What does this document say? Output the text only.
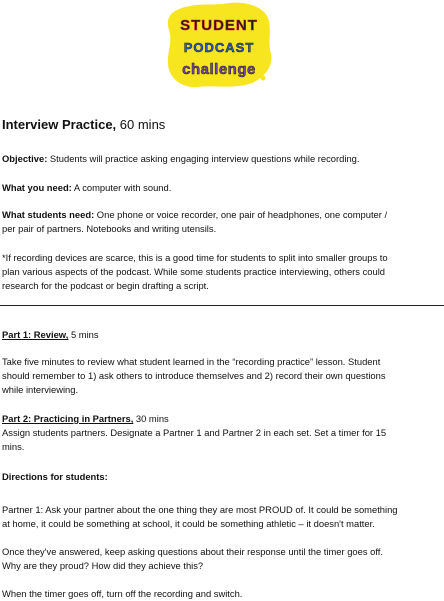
STUDENT
PODCAST
challenge

Interview Practice, 60 mins

Objective: Students will practice asking engaging interview questions while recording.

What you need: A computer with sound.

What students need: One phone or voice recorder, one pair of headphones, one computer /

per pair of partners. Notebooks and writing utensils.

*If recording devices are scarce, this is a good time for students to split into smaller groups to

plan various aspects of the podcast. While some students practice interviewing, others could

research for the podcast or begin drafting a script.

Part 1: Review, 5 mins

Take five minutes to review what student learned in the “recording practice” lesson. Student

should remember to 1) ask others to introduce themselves and 2) record their own questions

while interviewing.

Part 2: Practicing in Partners, 30 mins

Assign students partners. Designate a Partner 1 and Partner 2 in each set. Set a timer for 15

mins.

Directions for students:

Partner 1: Ask your partner about the one thing they are most PROUD of. It could be something

at home, it could be something at school, it could be something athletic – it doesn't matter.

Once they've answered, keep asking questions about their response until the timer goes off.

Why are they proud? How did they achieve this?

When the timer goes off, turn off the recording and switch.
